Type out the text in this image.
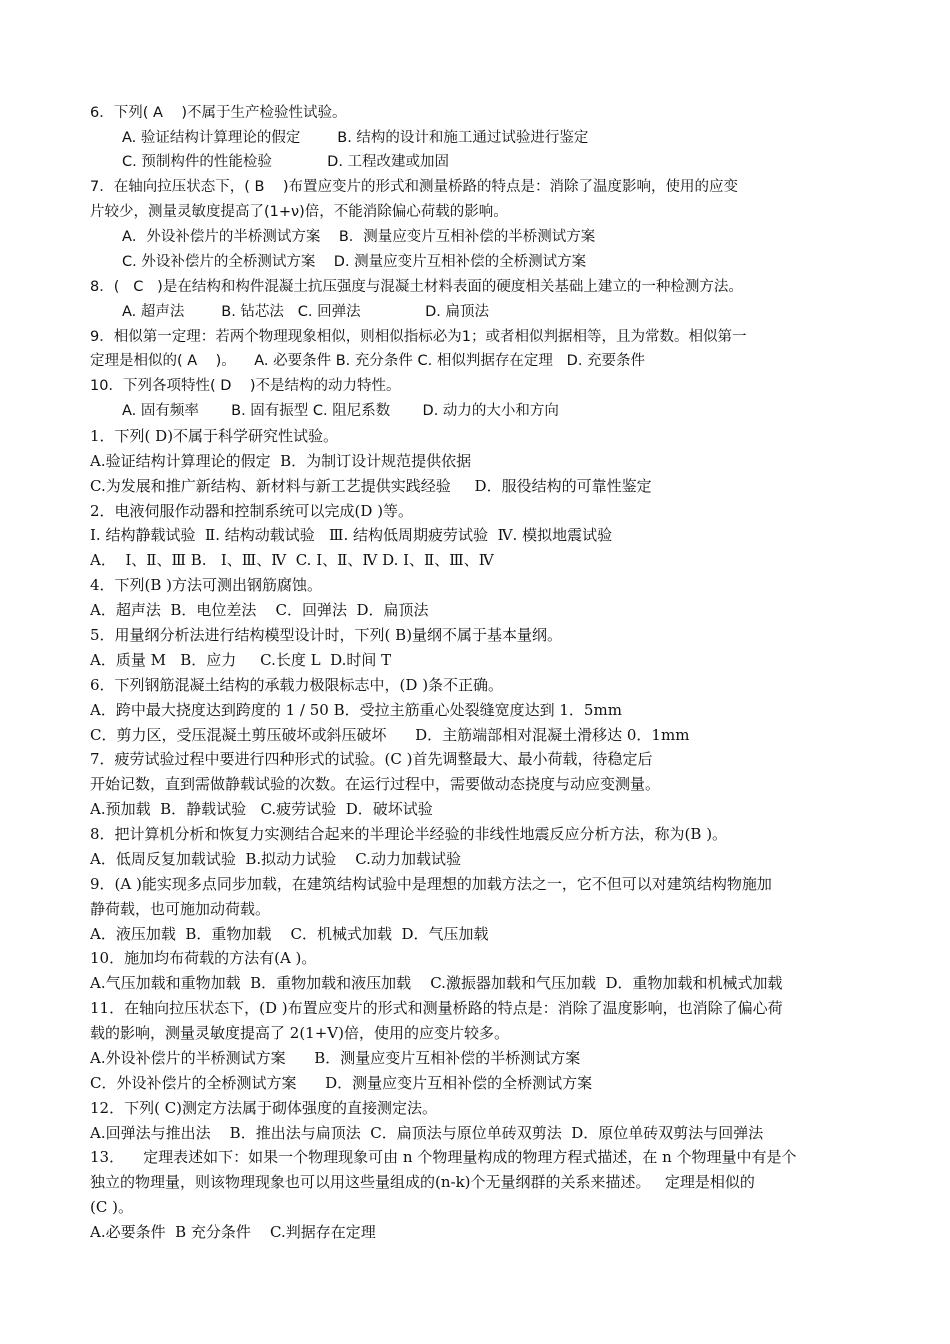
6．下列( A    )不属于生产检验性试验。
A. 验证结构计算理论的假定        B. 结构的设计和施工通过试验进行鉴定
C. 预制构件的性能检验            D. 工程改建或加固
7．在轴向拉压状态下，( B    )布置应变片的形式和测量桥路的特点是：消除了温度影响，使用的应变
片较少，测量灵敏度提高了(1+ν)倍，不能消除偏心荷载的影响。
A．外设补偿片的半桥测试方案    B．测量应变片互相补偿的半桥测试方案
C. 外设补偿片的全桥测试方案    D. 测量应变片互相补偿的全桥测试方案
8．(   C   )是在结构和构件混凝土抗压强度与混凝土材料表面的硬度相关基础上建立的一种检测方法。
A. 超声法        B. 钻芯法   C. 回弹法              D. 扁顶法
9．相似第一定理：若两个物理现象相似，则相似指标必为1；或者相似判据相等，且为常数。相似第一
定理是相似的( A    )。    A. 必要条件 B. 充分条件 C. 相似判据存在定理   D. 充要条件
10．下列各项特性( D    )不是结构的动力特性。
A. 固有频率       B. 固有振型 C. 阻尼系数       D. 动力的大小和方向
1．下列( D)不属于科学研究性试验。
A.验证结构计算理论的假定  B．为制订设计规范提供依据
C.为发展和推广新结构、新材料与新工艺提供实践经验     D．服役结构的可靠性鉴定
2．电液伺服作动器和控制系统可以完成(D )等。
Ⅰ. 结构静载试验  Ⅱ. 结构动载试验   Ⅲ. 结构低周期疲劳试验  Ⅳ. 模拟地震试验
A．  Ⅰ、Ⅱ、Ⅲ B.   Ⅰ、Ⅲ、Ⅳ  C. Ⅰ、Ⅱ、Ⅳ D. Ⅰ、Ⅱ、Ⅲ、Ⅳ
4．下列(B )方法可测出钢筋腐蚀。
A．超声法  B．电位差法    C．回弹法  D．扁顶法
5．用量纲分析法进行结构模型设计时，下列( B)量纲不属于基本量纲。
A．质量 M   B．应力     C.长度 L  D.时间 T
6．下列钢筋混凝土结构的承载力极限标志中，(D )条不正确。
A．跨中最大挠度达到跨度的 1 / 50 B．受拉主筋重心处裂缝宽度达到 1．5mm
C．剪力区，受压混凝土剪压破坏或斜压破坏      D．主筋端部相对混凝土滑移达 0．1mm
7．疲劳试验过程中要进行四种形式的试验。(C )首先调整最大、最小荷载，待稳定后
开始记数，直到需做静载试验的次数。在运行过程中，需要做动态挠度与动应变测量。
A.预加载  B．静载试验   C.疲劳试验  D．破坏试验
8．把计算机分析和恢复力实测结合起来的半理论半经验的非线性地震反应分析方法，称为(B )。
A．低周反复加载试验  B.拟动力试验    C.动力加载试验
9．(A )能实现多点同步加载，在建筑结构试验中是理想的加载方法之一，它不但可以对建筑结构物施加
静荷载，也可施加动荷载。
A．液压加载  B．重物加载    C．机械式加载  D．气压加载
10．施加均布荷载的方法有(A )。
A.气压加载和重物加载  B．重物加载和液压加载    C.激振器加载和气压加载  D．重物加载和机械式加载
11．在轴向拉压状态下，(D )布置应变片的形式和测量桥路的特点是：消除了温度影响，也消除了偏心荷
载的影响，测量灵敏度提高了 2(1+V)倍，使用的应变片较多。
A.外设补偿片的半桥测试方案      B．测量应变片互相补偿的半桥测试方案
C．外设补偿片的全桥测试方案      D．测量应变片互相补偿的全桥测试方案
12．下列( C)测定方法属于砌体强度的直接测定法。
A.回弹法与推出法    B．推出法与扁顶法  C．扁顶法与原位单砖双剪法  D．原位单砖双剪法与回弹法
13．    定理表述如下：如果一个物理现象可由 n 个物理量构成的物理方程式描述，在 n 个物理量中有是个
独立的物理量，则该物理现象也可以用这些量组成的(n-k)个无量纲群的关系来描述。   定理是相似的
(C )。
A.必要条件  B 充分条件    C.判据存在定理
